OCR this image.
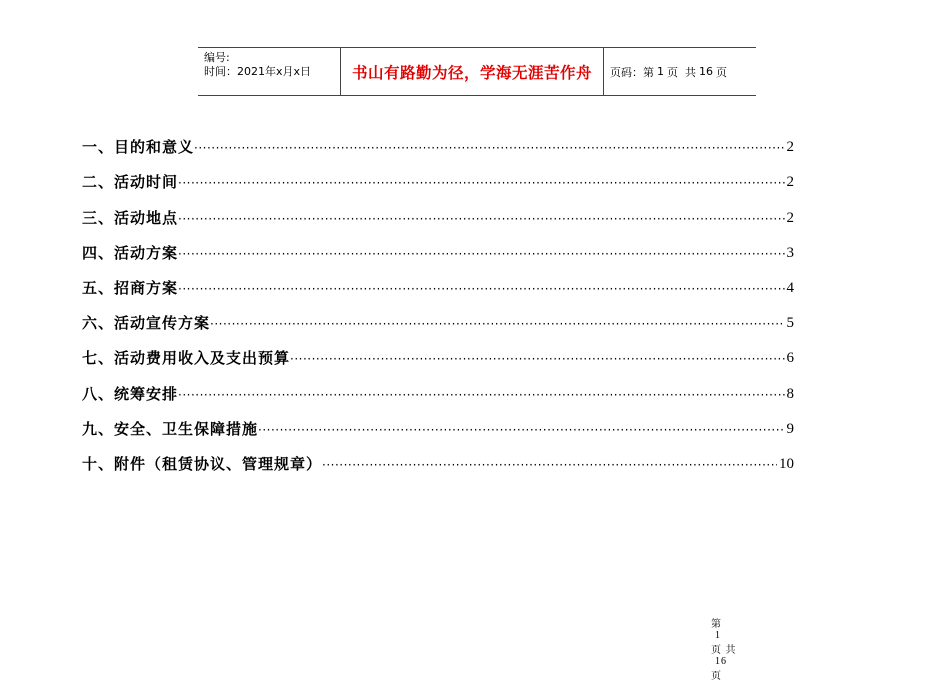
编号:
时间：2021年x月x日	书山有路勤为径，学海无涯苦作舟 页码：第 1 页  共 16 页
一、目的和意义 ·····	2
二、活动时间 ·····	2
三、活动地点 ·····	2
四、活动方案 ·····	3
五、招商方案 ·····	4
六、活动宣传方案 ·····	5
七、活动费用收入及支出预算 ·····	6
八、统筹安排 ·····	8
九、安全、卫生保障措施 ·····	9
十、附件（租赁协议、管理规章） ·····	10

第
1
页 共
16
页
